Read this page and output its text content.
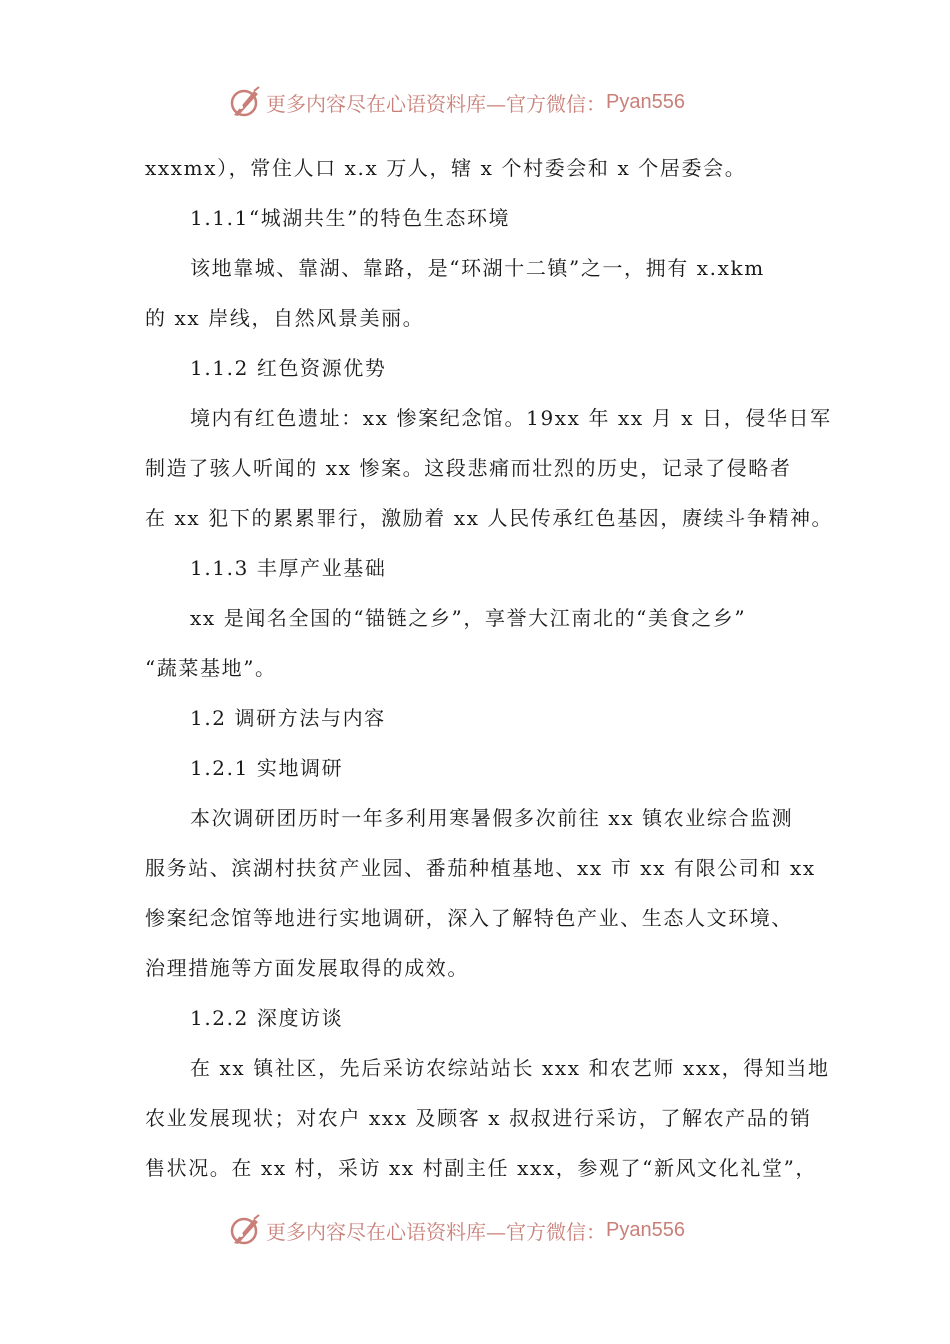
更多内容尽在心语资料库—官方微信： Pyan556
xxxmx），常住人口 x.x 万人，辖 x 个村委会和 x 个居委会。
1.1.1“城湖共生”的特色生态环境
该地靠城、靠湖、靠路，是“环湖十二镇”之一，拥有 x.xkm
的 xx 岸线，自然风景美丽。
1.1.2 红色资源优势
境内有红色遗址：xx 惨案纪念馆。19xx 年 xx 月 x 日，侵华日军
制造了骇人听闻的 xx 惨案。这段悲痛而壮烈的历史，记录了侵略者
在 xx 犯下的累累罪行，激励着 xx 人民传承红色基因，赓续斗争精神。
1.1.3 丰厚产业基础
xx 是闻名全国的“锚链之乡”，享誉大江南北的“美食之乡”
“蔬菜基地”。
1.2 调研方法与内容
1.2.1 实地调研
本次调研团历时一年多利用寒暑假多次前往 xx 镇农业综合监测
服务站、滨湖村扶贫产业园、番茄种植基地、xx 市 xx 有限公司和 xx
惨案纪念馆等地进行实地调研，深入了解特色产业、生态人文环境、
治理措施等方面发展取得的成效。
1.2.2 深度访谈
在 xx 镇社区，先后采访农综站站长 xxx 和农艺师 xxx，得知当地
农业发展现状；对农户 xxx 及顾客 x 叔叔进行采访，了解农产品的销
售状况。在 xx 村，采访 xx 村副主任 xxx，参观了“新风文化礼堂”，
更多内容尽在心语资料库—官方微信： Pyan556
